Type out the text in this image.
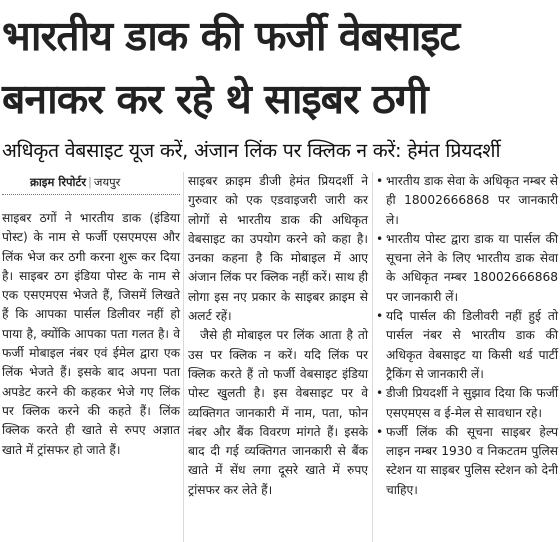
भारतीय डाक की फर्जी वेबसाइट
बनाकर कर रहे थे साइबर ठगी
अधिकृत वेबसाइट यूज करें, अंजान लिंक पर क्लिक न करें: हेमंत प्रियदर्शी
क्राइम रिपोर्टर | जयपुर

साइबर ठगों ने भारतीय डाक (इंडिया पोस्ट) के नाम से फर्जी एसएमएस और लिंक भेज कर ठगी करना शुरू कर दिया है। साइबर ठग इंडिया पोस्ट के नाम से एक एसएमएस भेजते हैं, जिसमें लिखते हैं कि आपका पार्सल डिलीवर नहीं हो पाया है, क्योंकि आपका पता गलत है। वे फर्जी मोबाइल नंबर एवं ईमेल द्वारा एक लिंक भेजते हैं। इसके बाद अपना पता अपडेट करने की कहकर भेजे गए लिंक पर क्लिक करने की कहते हैं। लिंक क्लिक करते ही खाते से रुपए अज्ञात खाते में ट्रांसफर हो जाते हैं।

साइबर क्राइम डीजी हेमंत प्रियदर्शी ने गुरुवार को एक एडवाइजरी जारी कर लोगों से भारतीय डाक की अधिकृत वेबसाइट का उपयोग करने को कहा है। उनका कहना है कि मोबाइल में आए अंजान लिंक पर क्लिक नहीं करें। साथ ही लोगा इस नए प्रकार के साइबर क्राइम से अलर्ट रहें।

जैसे ही मोबाइल पर लिंक आता है तो उस पर क्लिक न करें। यदि लिंक पर क्लिक करते हैं तो फर्जी वेबसाइट इंडिया पोस्ट खुलती है। इस वेबसाइट पर वे व्यक्तिगत जानकारी में नाम, पता, फोन नंबर और बैंक विवरण मांगते हैं। इसके बाद दी गई व्यक्तिगत जानकारी से बैंक खाते में सेंध लगा दूसरे खाते में रुपए ट्रांसफर कर लेते हैं।

• भारतीय डाक सेवा के अधिकृत नम्बर से ही 18002666868 पर जानकारी ले।

• भारतीय पोस्ट द्वारा डाक या पार्सल की सूचना लेने के लिए भारतीय डाक सेवा के अधिकृत नम्बर 18002666868 पर जानकारी लें।

• यदि पार्सल की डिलीवरी नहीं हुई तो पार्सल नंबर से भारतीय डाक की अधिकृत वेबसाइट या किसी थर्ड पार्टी ट्रैकिंग से जानकारी लें।

• डीजी प्रियदर्शी ने सुझाव दिया कि फर्जी एसएमएस व ई-मेल से सावधान रहे।

• फर्जी लिंक की सूचना साइबर हेल्प लाइन नम्बर 1930 व निकटतम पुलिस स्टेशन या साइबर पुलिस स्टेशन को देनी चाहिए।
